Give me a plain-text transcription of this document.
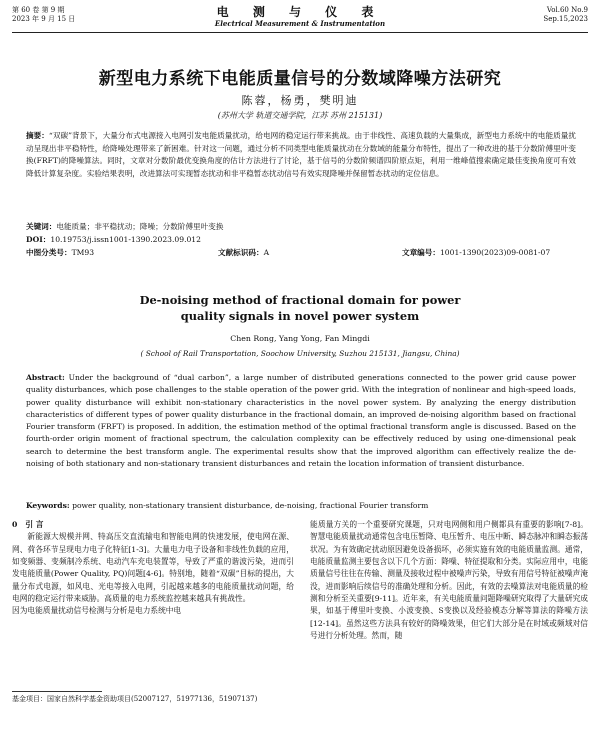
第 60 卷 第 9 期
2023 年 9 月 15 日	电 测 与 仪 表
Electrical Measurement & Instrumentation
Vol.60 No.9
Sep.15,2023
新型电力系统下电能质量信号的分数域降噪方法研究
陈蓉，杨勇，樊明迪
(苏州大学 轨道交通学院，江苏 苏州 215131)
摘要：“双碳”背景下，大量分布式电源接入电网引发电能质量扰动，给电网的稳定运行带来挑战。由于非线性、高速负载的大量集成，新型电力系统中的电能质量扰动呈现出非平稳特性，给降噪处理带来了新困难。针对这一问题，通过分析不同类型电能质量扰动在分数域的能量分布特性，提出了一种改进的基于分数阶傅里叶变换(FRFT)的降噪算法。同时，文章对分数阶最优变换角度的估计方法进行了讨论，基于信号的分数阶频谱四阶原点矩，利用一维峰值搜索确定最佳变换角度可有效降低计算复杂度。实验结果表明，改进算法可实现暂态扰动和非平稳暂态扰动信号有效实现降噪并保留暂态扰动的定位信息。
关键词：电能质量；非平稳扰动；降噪；分数阶傅里叶变换
DOI：10.19753/j.issn1001-1390.2023.09.012
中图分类号：TM93	文献标识码：A	文章编号：1001-1390(2023)09-0081-07
De-noising method of fractional domain for power quality signals in novel power system
Chen Rong, Yang Yong, Fan Mingdi
( School of Rail Transportation, Soochow University, Suzhou 215131, Jiangsu, China)
Abstract: Under the background of “dual carbon”, a large number of distributed generations connected to the power grid cause power quality disturbances, which pose challenges to the stable operation of the power grid. With the integration of nonlinear and high-speed loads, power quality disturbance will exhibit non-stationary characteristics in the novel power system. By analyzing the energy distribution characteristics of different types of power quality disturbance in the fractional domain, an improved de-noising algorithm based on fractional Fourier transform (FRFT) is proposed. In addition, the estimation method of the optimal fractional transform angle is discussed. Based on the fourth-order origin moment of fractional spectrum, the calculation complexity can be effectively reduced by using one-dimensional peak search to determine the best transform angle. The experimental results show that the improved algorithm can effectively realize the de-noising of both stationary and non-stationary transient disturbances and retain the location information of transient disturbance.
Keywords: power quality, non-stationary transient disturbance, de-noising, fractional Fourier transform
0 引 言
新能源大规模并网、特高压交直流输电和智能电网的快速发展，使电网在源、网、荷各环节呈现电力电子化特征[1-3]。大量电力电子设备和非线性负载的应用，如变频器、变频制冷系统、电动汽车充电装置等，导致了严重的谐波污染，进而引发电能质量(Power Quality, PQ)问题[4-6]。特别地，随着“双碳”目标的提出，大量分布式电源，如风电、光电等接入电网，引起越来越多的电能质量扰动问题，给电网的稳定运行带来威胁。高质量的电力系统监控越来越具有挑战性。
因为电能质量扰动信号检测与分析是电力系统中电
能质量方关的一个重要研究课题，只对电网侧和用户侧都具有重要的影响[7-8]。智慧电能质量扰动通常包含电压暂降、电压暂升、电压中断、瞬态脉冲和瞬态振荡状况。为有效确定扰动原因避免设备损坏，必须实施有效的电能质量监测。通常，电能质量监测主要包含以下几个方面：降噪、特征提取和分类。实际应用中，电能质量信号往往在传输、测量及接收过程中被噪声污染，导致有用信号特征被噪声淹没，进而影响后续信号的准确处理和分析。因此，有效的去噪算法对电能质量的检测和分析至关重要[9-11]。近年来，有关电能质量问题降噪研究取得了大量研究成果，如基于傅里叶变换、小波变换、S变换以及经验模态分解等算法的降噪方法[12-14]。虽然这些方法具有较好的降噪效果，但它们大部分是在时域或频域对信号进行分析处理。然而，随
基金项目：国家自然科学基金资助项目(52007127，51977136，51907137)
